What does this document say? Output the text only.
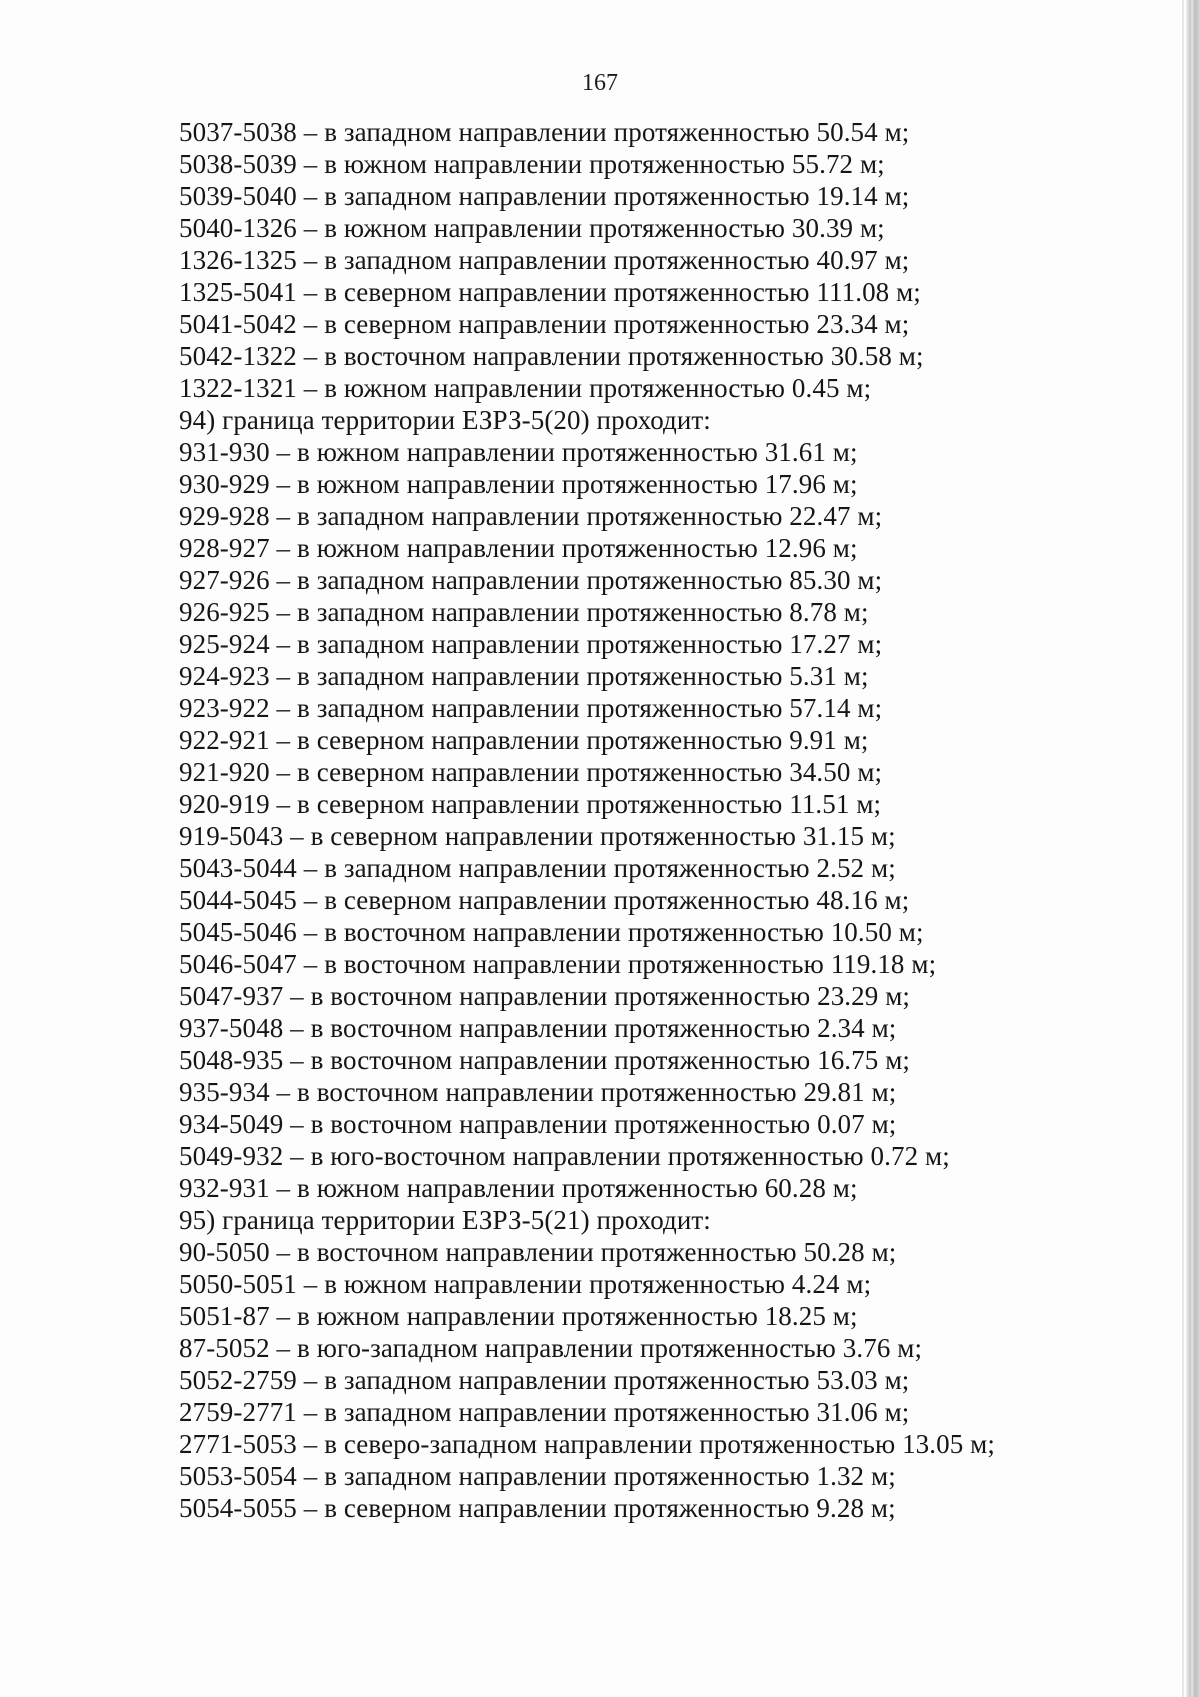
167
5037-5038 – в западном направлении протяженностью 50.54 м;
5038-5039 – в южном направлении протяженностью 55.72 м;
5039-5040 – в западном направлении протяженностью 19.14 м;
5040-1326 – в южном направлении протяженностью 30.39 м;
1326-1325 – в западном направлении протяженностью 40.97 м;
1325-5041 – в северном направлении протяженностью 111.08 м;
5041-5042 – в северном направлении протяженностью 23.34 м;
5042-1322 – в восточном направлении протяженностью 30.58 м;
1322-1321 – в южном направлении протяженностью 0.45 м;
94) граница территории ЕЗРЗ-5(20) проходит:
931-930 – в южном направлении протяженностью 31.61 м;
930-929 – в южном направлении протяженностью 17.96 м;
929-928 – в западном направлении протяженностью 22.47 м;
928-927 – в южном направлении протяженностью 12.96 м;
927-926 – в западном направлении протяженностью 85.30 м;
926-925 – в западном направлении протяженностью 8.78 м;
925-924 – в западном направлении протяженностью 17.27 м;
924-923 – в западном направлении протяженностью 5.31 м;
923-922 – в западном направлении протяженностью 57.14 м;
922-921 – в северном направлении протяженностью 9.91 м;
921-920 – в северном направлении протяженностью 34.50 м;
920-919 – в северном направлении протяженностью 11.51 м;
919-5043 – в северном направлении протяженностью 31.15 м;
5043-5044 – в западном направлении протяженностью 2.52 м;
5044-5045 – в северном направлении протяженностью 48.16 м;
5045-5046 – в восточном направлении протяженностью 10.50 м;
5046-5047 – в восточном направлении протяженностью 119.18 м;
5047-937 – в восточном направлении протяженностью 23.29 м;
937-5048 – в восточном направлении протяженностью 2.34 м;
5048-935 – в восточном направлении протяженностью 16.75 м;
935-934 – в восточном направлении протяженностью 29.81 м;
934-5049 – в восточном направлении протяженностью 0.07 м;
5049-932 – в юго-восточном направлении протяженностью 0.72 м;
932-931 – в южном направлении протяженностью 60.28 м;
95) граница территории ЕЗРЗ-5(21) проходит:
90-5050 – в восточном направлении протяженностью 50.28 м;
5050-5051 – в южном направлении протяженностью 4.24 м;
5051-87 – в южном направлении протяженностью 18.25 м;
87-5052 – в юго-западном направлении протяженностью 3.76 м;
5052-2759 – в западном направлении протяженностью 53.03 м;
2759-2771 – в западном направлении протяженностью 31.06 м;
2771-5053 – в северо-западном направлении протяженностью 13.05 м;
5053-5054 – в западном направлении протяженностью 1.32 м;
5054-5055 – в северном направлении протяженностью 9.28 м;
